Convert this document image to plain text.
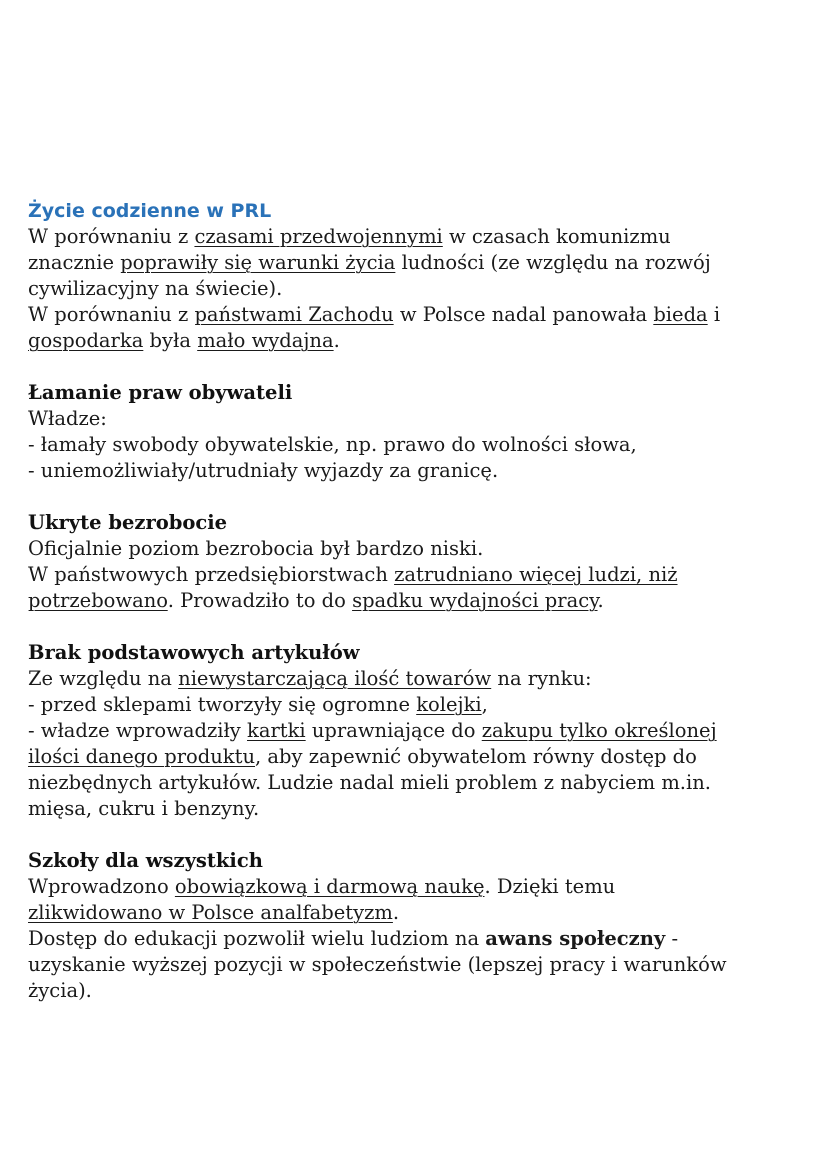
Życie codzienne w PRL
W porównaniu z czasami przedwojennymi w czasach komunizmu
znacznie poprawiły się warunki życia ludności (ze względu na rozwój
cywilizacyjny na świecie).
W porównaniu z państwami Zachodu w Polsce nadal panowała bieda i
gospodarka była mało wydajna.
Łamanie praw obywateli
Władze:
- łamały swobody obywatelskie, np. prawo do wolności słowa,
- uniemożliwiały/utrudniały wyjazdy za granicę.
Ukryte bezrobocie
Oficjalnie poziom bezrobocia był bardzo niski.
W państwowych przedsiębiorstwach zatrudniano więcej ludzi, niż
potrzebowano. Prowadziło to do spadku wydajności pracy.
Brak podstawowych artykułów
Ze względu na niewystarczającą ilość towarów na rynku:
- przed sklepami tworzyły się ogromne kolejki,
- władze wprowadziły kartki uprawniające do zakupu tylko określonej
ilości danego produktu, aby zapewnić obywatelom równy dostęp do
niezbędnych artykułów. Ludzie nadal mieli problem z nabyciem m.in.
mięsa, cukru i benzyny.
Szkoły dla wszystkich
Wprowadzono obowiązkową i darmową naukę. Dzięki temu
zlikwidowano w Polsce analfabetyzm.
Dostęp do edukacji pozwolił wielu ludziom na awans społeczny -
uzyskanie wyższej pozycji w społeczeństwie (lepszej pracy i warunków
życia).
